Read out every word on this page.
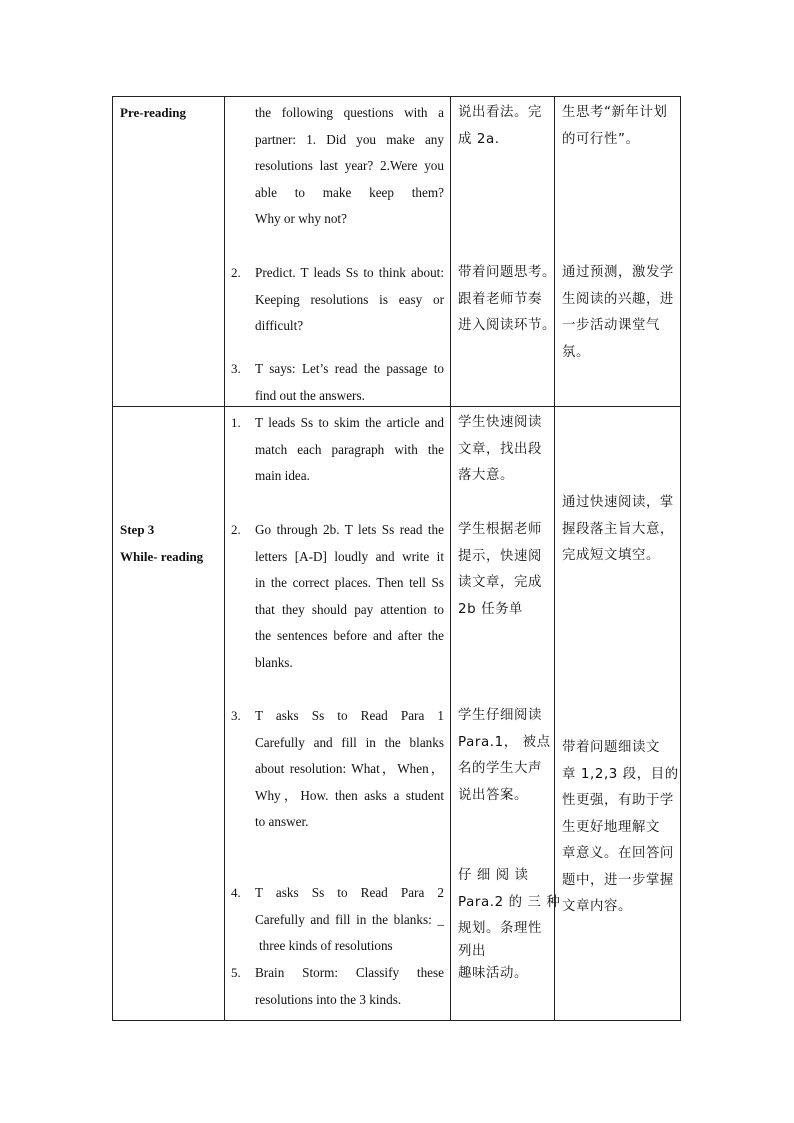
Pre-reading	the following questions with a
partner: 1. Did you make any
resolutions last year? 2.Were you
able to make keep them?
Why or why not?
2. Predict. T leads Ss to think about:
Keeping resolutions is easy or
difficult?
3. T says: Let’s read the passage to
find out the answers.
说出看法。完
成 2a.
带着问题思考。
跟着老师节奏
进入阅读环节。
生思考“新年计划
的可行性”。
通过预测，激发学
生阅读的兴趣，进
一步活动课堂气
氛。
Step 3
While- reading
1. T leads Ss to skim the article and
match each paragraph with the
main idea.
2. Go through 2b. T lets Ss read the
letters [A-D] loudly and write it
in the correct places. Then tell Ss
that they should pay attention to
the sentences before and after the
blanks.
3. T asks Ss to Read Para 1
Carefully and fill in the blanks
about resolution: What，When，
Why，How. then asks a student
to answer.
4. T asks Ss to Read Para 2
Carefully and fill in the blanks: _
three kinds of resolutions
5. Brain Storm: Classify these
resolutions into the 3 kinds.
学生快速阅读
文章，找出段
落大意。
学生根据老师
提示，快速阅
读文章，完成
2b 任务单
学生仔细阅读
Para.1， 被点
名的学生大声
说出答案。
仔 细 阅 读
Para.2 的 三 种
规划。条理性
列出
趣味活动。
通过快速阅读，掌
握段落主旨大意，
完成短文填空。
带着问题细读文
章 1,2,3 段，目的
性更强，有助于学
生更好地理解文
章意义。在回答问
题中，进一步掌握
文章内容。
